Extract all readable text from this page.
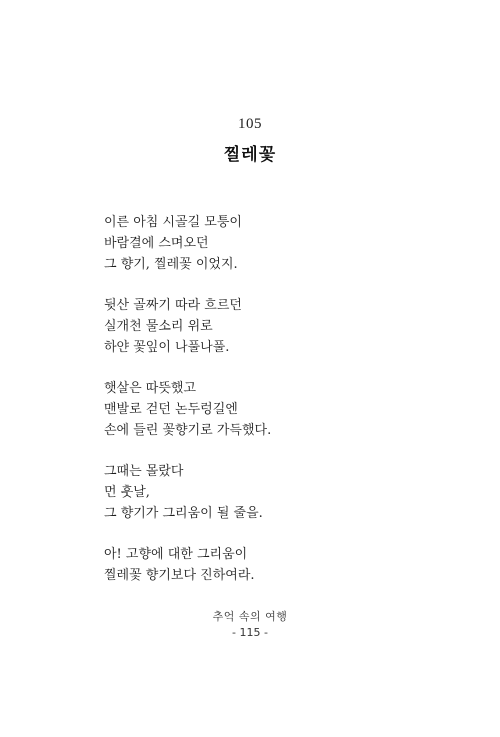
105
찔레꽃
이른 아침 시골길 모퉁이
바람결에 스며오던
그 향기, 찔레꽃 이었지.
뒷산 골짜기 따라 흐르던
실개천 물소리 위로
하얀 꽃잎이 나풀나풀.
햇살은 따뜻했고
맨발로 걷던 논두렁길엔
손에 들린 꽃향기로 가득했다.
그때는 몰랐다
먼 훗날,
그 향기가 그리움이 될 줄을.
아! 고향에 대한 그리움이
찔레꽃 향기보다 진하여라.
추억 속의 여행
- 115 -
